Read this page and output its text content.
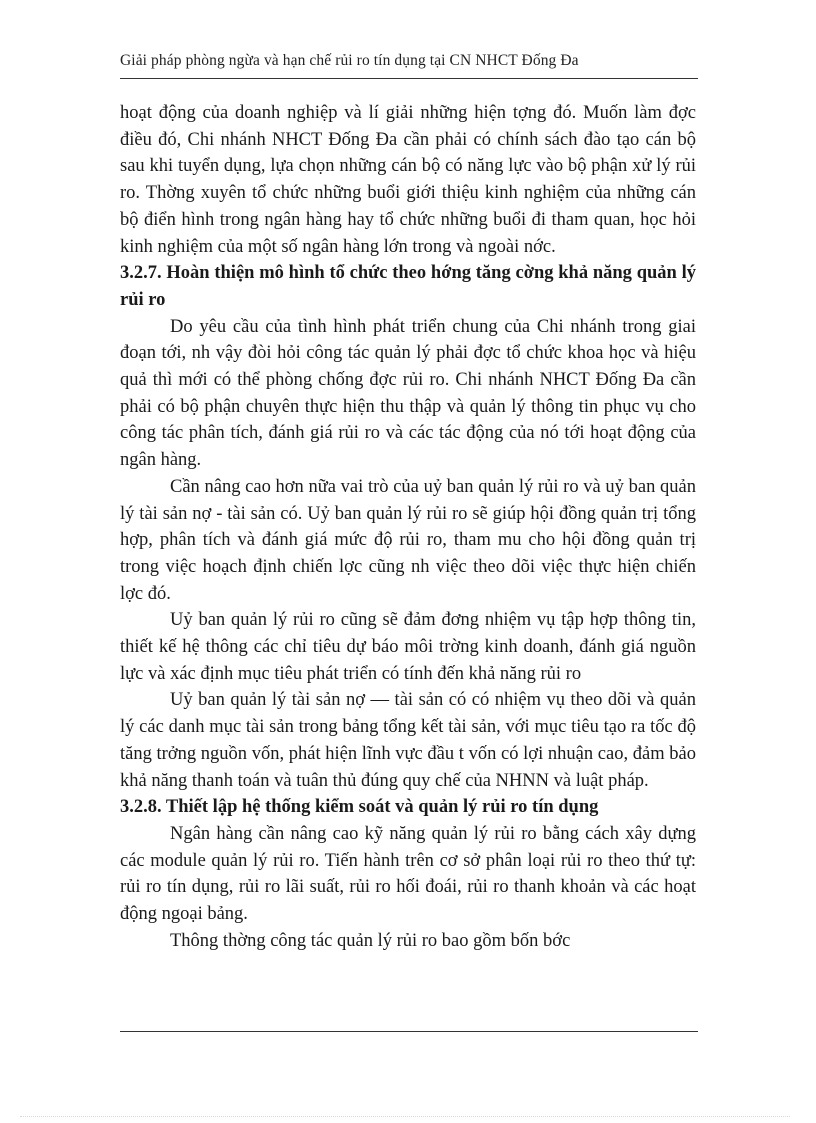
Giải pháp phòng ngừa và hạn chế rủi ro tín dụng tại CN NHCT Đống Đa

hoạt động của doanh nghiệp và lí giải những hiện tợng đó. Muốn làm đợc điều đó, Chi nhánh NHCT Đống Đa cần phải có chính sách đào tạo cán bộ sau khi tuyển dụng, lựa chọn những cán bộ có năng lực vào bộ phận xử lý rủi ro. Thờng xuyên tổ chức những buổi giới thiệu kinh nghiệm của những cán bộ điển hình trong ngân hàng hay tổ chức những buổi đi tham quan, học hỏi kinh nghiệm của một số ngân hàng lớn trong và ngoài nớc.

3.2.7. Hoàn thiện mô hình tổ chức theo hớng tăng cờng khả năng quản lý rủi ro

Do yêu cầu của tình hình phát triển chung của Chi nhánh trong giai đoạn tới, nh vậy đòi hỏi công tác quản lý phải đợc tổ chức khoa học và hiệu quả thì mới có thể phòng chống đợc rủi ro. Chi nhánh NHCT Đống Đa cần phải có bộ phận chuyên thực hiện thu thập và quản lý thông tin phục vụ cho công tác phân tích, đánh giá rủi ro và các tác động của nó tới hoạt động của ngân hàng.

Cần nâng cao hơn nữa vai trò của uỷ ban quản lý rủi ro và uỷ ban quản lý tài sản nợ - tài sản có. Uỷ ban quản lý rủi ro sẽ giúp hội đồng quản trị tổng hợp, phân tích và đánh giá mức độ rủi ro, tham mu cho hội đồng quản trị trong việc hoạch định chiến lợc cũng nh việc theo dõi việc thực hiện chiến lợc đó.

Uỷ ban quản lý rủi ro cũng sẽ đảm đơng nhiệm vụ tập hợp thông tin, thiết kế hệ thông các chỉ tiêu dự báo môi trờng kinh doanh, đánh giá nguồn lực và xác định mục tiêu phát triển có tính đến khả năng rủi ro

Uỷ ban quản lý tài sản nợ — tài sản có có nhiệm vụ theo dõi và quản lý các danh mục tài sản trong bảng tổng kết tài sản, với mục tiêu tạo ra tốc độ tăng trởng nguồn vốn, phát hiện lĩnh vực đầu t vốn có lợi nhuận cao, đảm bảo khả năng thanh toán và tuân thủ đúng quy chế của NHNN và luật pháp.

3.2.8. Thiết lập hệ thống kiểm soát và quản lý rủi ro tín dụng

Ngân hàng cần nâng cao kỹ năng quản lý rủi ro bằng cách xây dựng các module quản lý rủi ro. Tiến hành trên cơ sở phân loại rủi ro theo thứ tự: rủi ro tín dụng, rủi ro lãi suất, rủi ro hối đoái, rủi ro thanh khoản và các hoạt động ngoại bảng.

Thông thờng công tác quản lý rủi ro bao gồm bốn bớc
